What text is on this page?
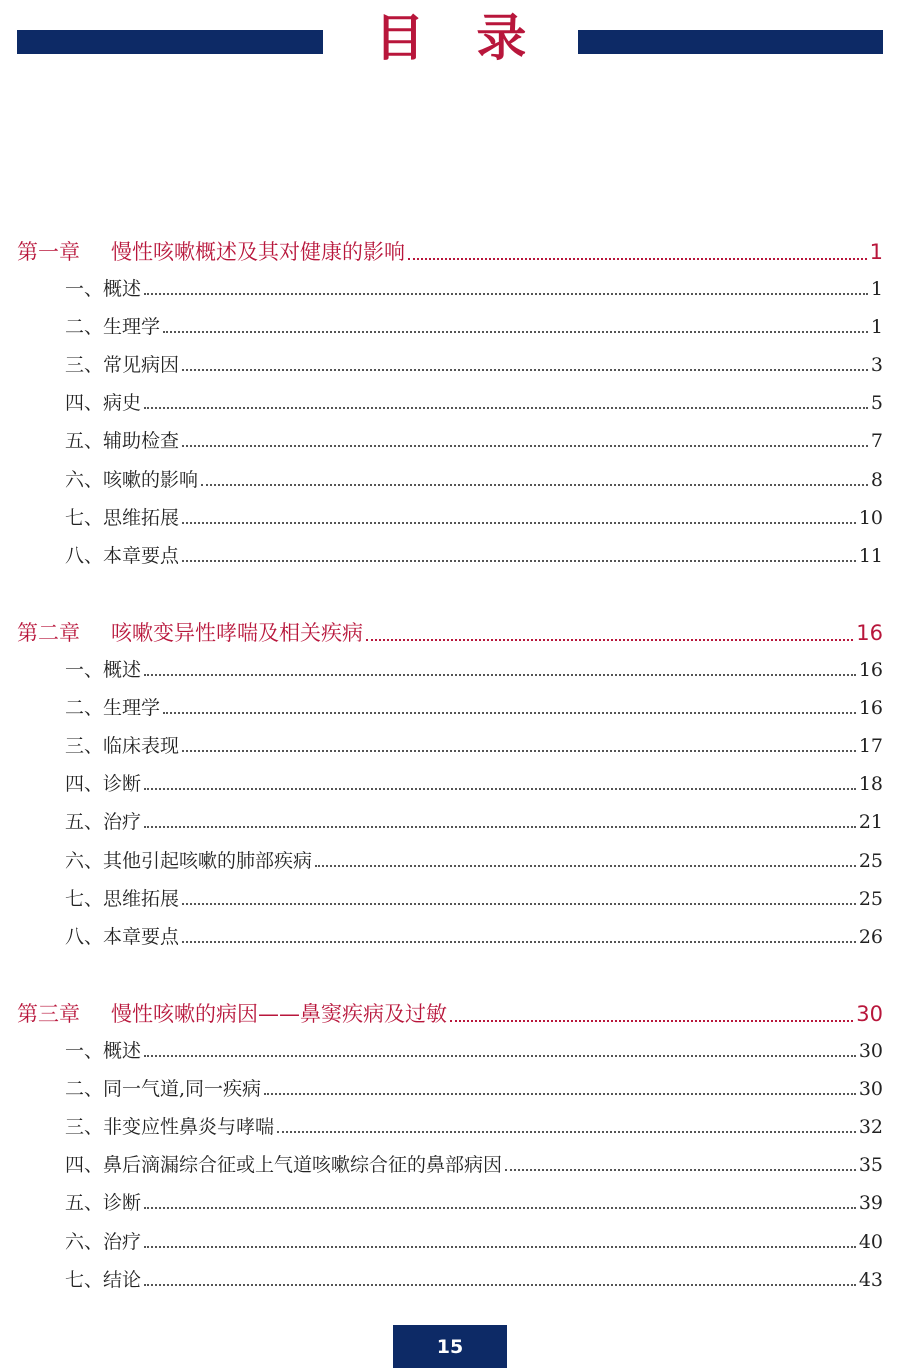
目 录
第一章 慢性咳嗽概述及其对健康的影响	1
一、概述	1
二、生理学	1
三、常见病因	3
四、病史	5
五、辅助检查	7
六、咳嗽的影响	8
七、思维拓展	10
八、本章要点	11
第二章 咳嗽变异性哮喘及相关疾病	16
一、概述	16
二、生理学	16
三、临床表现	17
四、诊断	18
五、治疗	21
六、其他引起咳嗽的肺部疾病	25
七、思维拓展	25
八、本章要点	26
第三章 慢性咳嗽的病因——鼻窦疾病及过敏	30
一、概述	30
二、同一气道,同一疾病	30
三、非变应性鼻炎与哮喘	32
四、鼻后滴漏综合征或上气道咳嗽综合征的鼻部病因	35
五、诊断	39
六、治疗	40
七、结论	43
15
